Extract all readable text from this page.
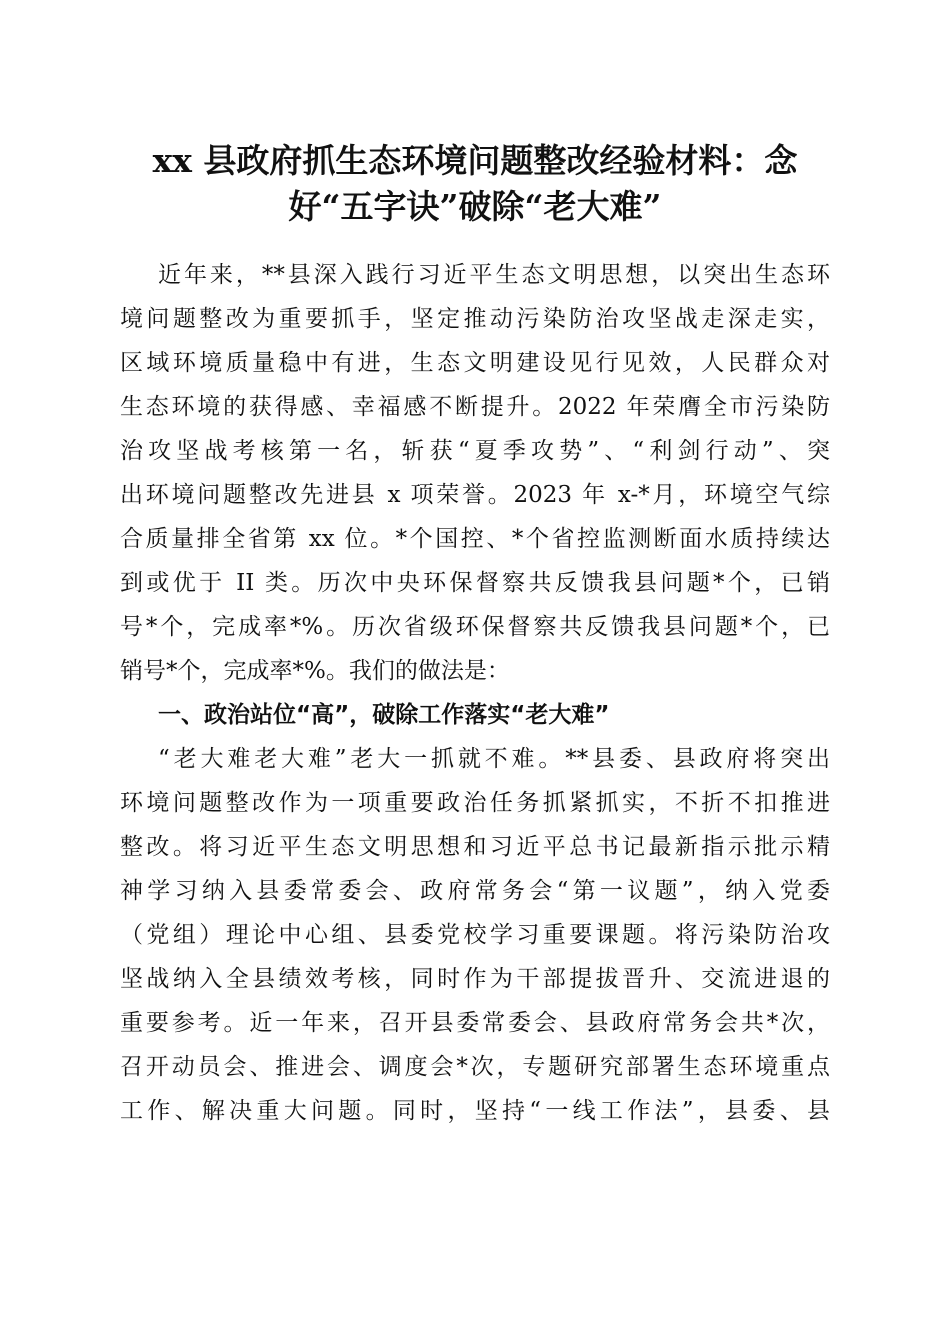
xx 县政府抓生态环境问题整改经验材料：念
好“五字诀”破除“老大难”
近年来，**县深入践行习近平生态文明思想，以突出生态环
境问题整改为重要抓手，坚定推动污染防治攻坚战走深走实，
区域环境质量稳中有进，生态文明建设见行见效，人民群众对
生态环境的获得感、幸福感不断提升。2022 年荣膺全市污染防
治攻坚战考核第一名，斩获“夏季攻势”、“利剑行动”、突
出环境问题整改先进县 x 项荣誉。2023 年 x-*月，环境空气综
合质量排全省第 xx 位。*个国控、*个省控监测断面水质持续达
到或优于 II 类。历次中央环保督察共反馈我县问题*个，已销
号*个，完成率*%。历次省级环保督察共反馈我县问题*个，已
销号*个，完成率*%。我们的做法是：
一、政治站位“高”，破除工作落实“老大难”
“老大难老大难”老大一抓就不难。**县委、县政府将突出
环境问题整改作为一项重要政治任务抓紧抓实，不折不扣推进
整改。将习近平生态文明思想和习近平总书记最新指示批示精
神学习纳入县委常委会、政府常务会“第一议题”，纳入党委
（党组）理论中心组、县委党校学习重要课题。将污染防治攻
坚战纳入全县绩效考核，同时作为干部提拔晋升、交流进退的
重要参考。近一年来，召开县委常委会、县政府常务会共*次，
召开动员会、推进会、调度会*次，专题研究部署生态环境重点
工作、解决重大问题。同时，坚持“一线工作法”，县委、县
